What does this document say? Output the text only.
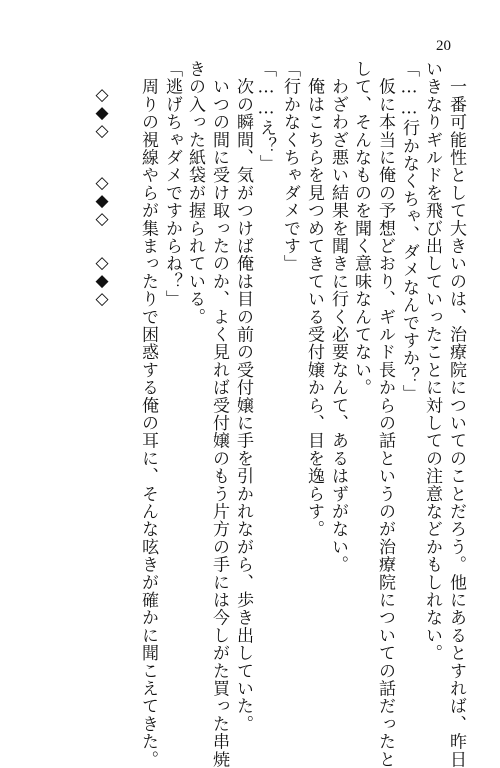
20
　一番可能性として大きいのは、治療院についてのことだろう。他にあるとすれば、昨日
いきなりギルドを飛び出していったことに対しての注意などかもしれない。
「……行かなくちゃ、ダメなんですか？」
　仮に本当に俺の予想どおり、ギルド長からの話というのが治療院についての話だったと
して、そんなものを聞く意味なんてない。
　わざわざ悪い結果を聞きに行く必要なんて、あるはずがない。
　俺はこちらを見つめてきている受付嬢から、目を逸らす。
「行かなくちゃダメです」
「……え？」
　次の瞬間、気がつけば俺は目の前の受付嬢に手を引かれながら、歩き出していた。
　いつの間に受け取ったのか、よく見れば受付嬢のもう片方の手には今しがた買った串焼
きの入った紙袋が握られている。
「逃げちゃダメですからね？」
　周りの視線やらが集まったりで困惑する俺の耳に、そんな呟きが確かに聞こえてきた。
◇
◆
◇
◇
◆
◇
◇
◆
◇
